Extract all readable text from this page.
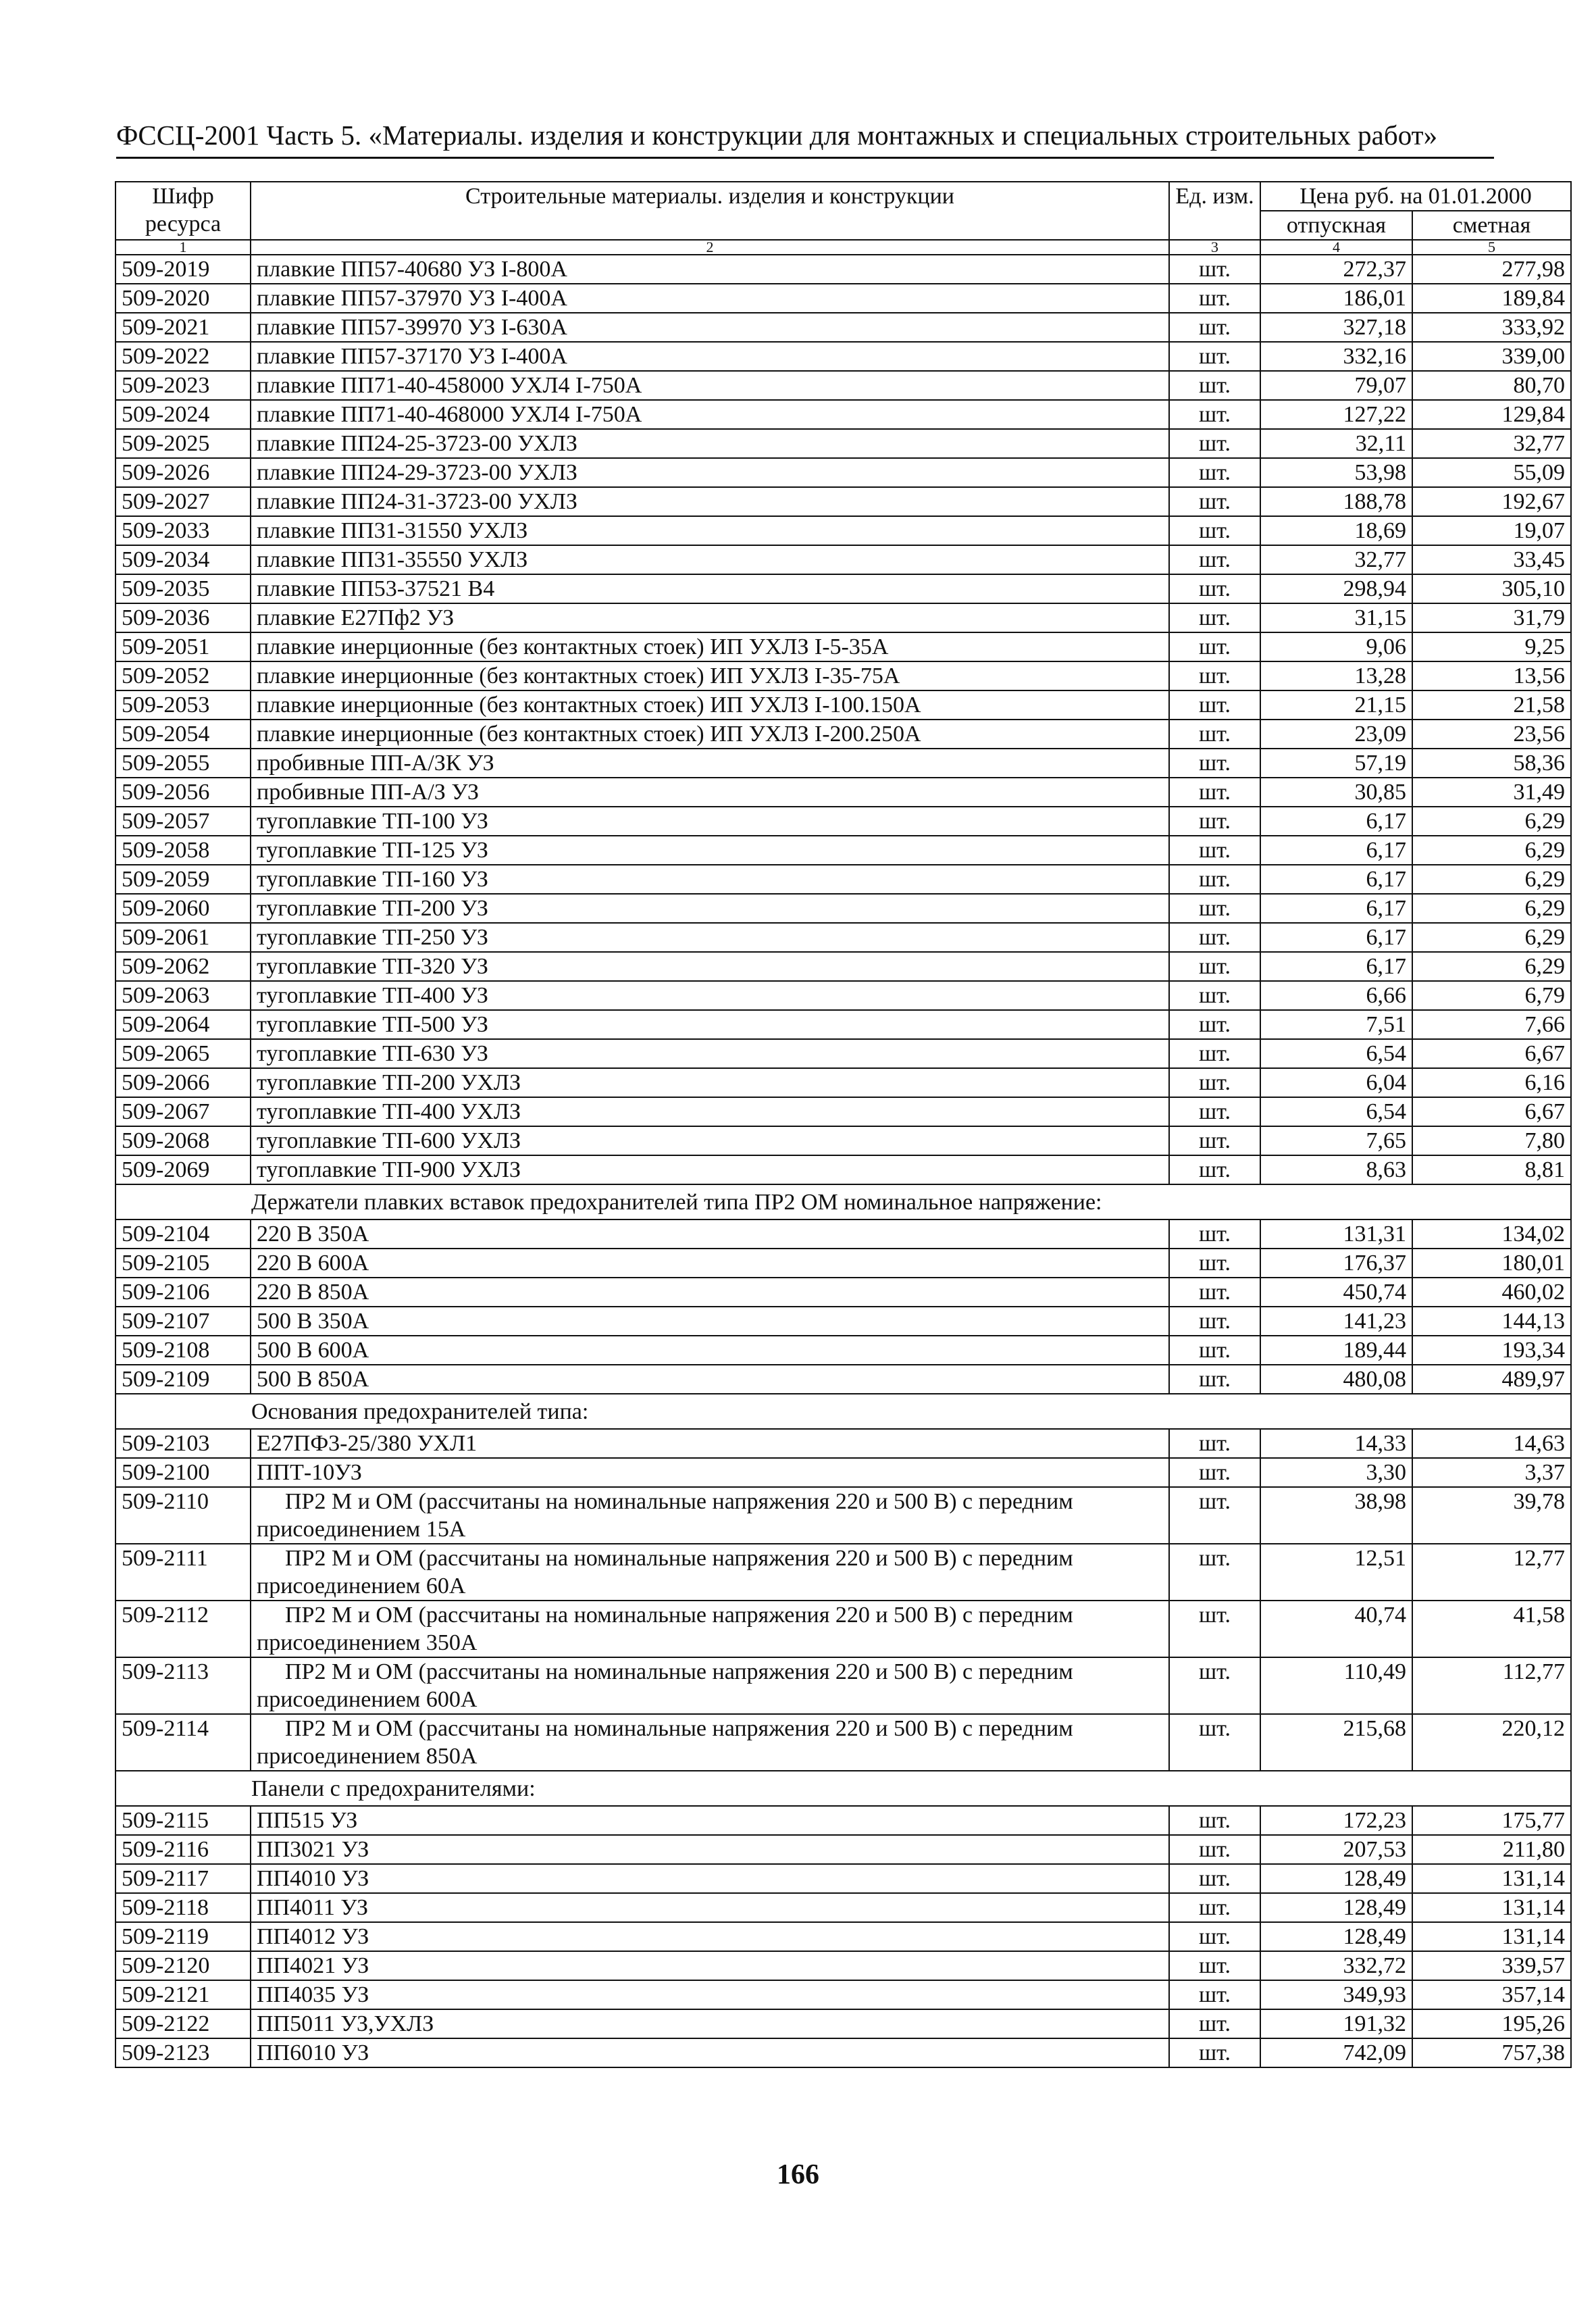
ФССЦ-2001 Часть 5. «Материалы. изделия и конструкции для монтажных и специальных строительных работ»
Шифр ресурса	Строительные материалы. изделия и конструкции	Ед. изм.	Цена руб. на 01.01.2000	
			отпускная	сметная
1	2	3	4	5
509-2019	плавкие ПП57-40680 УЗ I-800А	шт.	272,37	277,98
509-2020	плавкие ПП57-37970 УЗ I-400А	шт.	186,01	189,84
509-2021	плавкие ПП57-39970 УЗ I-630А	шт.	327,18	333,92
509-2022	плавкие ПП57-37170 УЗ I-400А	шт.	332,16	339,00
509-2023	плавкие ПП71-40-458000 УХЛ4 I-750А	шт.	79,07	80,70
509-2024	плавкие ПП71-40-468000 УХЛ4 I-750А	шт.	127,22	129,84
509-2025	плавкие ПП24-25-3723-00 УХЛЗ	шт.	32,11	32,77
509-2026	плавкие ПП24-29-3723-00 УХЛЗ	шт.	53,98	55,09
509-2027	плавкие ПП24-31-3723-00 УХЛЗ	шт.	188,78	192,67
509-2033	плавкие ПП31-31550 УХЛЗ	шт.	18,69	19,07
509-2034	плавкие ПП31-35550 УХЛЗ	шт.	32,77	33,45
509-2035	плавкие ПП53-37521 В4	шт.	298,94	305,10
509-2036	плавкие Е27Пф2 УЗ	шт.	31,15	31,79
509-2051	плавкие инерционные (без контактных стоек) ИП УХЛЗ I-5-35А	шт.	9,06	9,25
509-2052	плавкие инерционные (без контактных стоек) ИП УХЛЗ I-35-75А	шт.	13,28	13,56
509-2053	плавкие инерционные (без контактных стоек) ИП УХЛЗ I-100.150А	шт.	21,15	21,58
509-2054	плавкие инерционные (без контактных стоек) ИП УХЛЗ I-200.250А	шт.	23,09	23,56
509-2055	пробивные ПП-А/ЗК УЗ	шт.	57,19	58,36
509-2056	пробивные ПП-А/З УЗ	шт.	30,85	31,49
509-2057	тугоплавкие ТП-100 УЗ	шт.	6,17	6,29
509-2058	тугоплавкие ТП-125 УЗ	шт.	6,17	6,29
509-2059	тугоплавкие ТП-160 УЗ	шт.	6,17	6,29
509-2060	тугоплавкие ТП-200 УЗ	шт.	6,17	6,29
509-2061	тугоплавкие ТП-250 УЗ	шт.	6,17	6,29
509-2062	тугоплавкие ТП-320 УЗ	шт.	6,17	6,29
509-2063	тугоплавкие ТП-400 УЗ	шт.	6,66	6,79
509-2064	тугоплавкие ТП-500 УЗ	шт.	7,51	7,66
509-2065	тугоплавкие ТП-630 УЗ	шт.	6,54	6,67
509-2066	тугоплавкие ТП-200 УХЛЗ	шт.	6,04	6,16
509-2067	тугоплавкие ТП-400 УХЛЗ	шт.	6,54	6,67
509-2068	тугоплавкие ТП-600 УХЛЗ	шт.	7,65	7,80
509-2069	тугоплавкие ТП-900 УХЛЗ	шт.	8,63	8,81
Держатели плавких вставок предохранителей типа ПР2 ОМ номинальное напряжение:				
509-2104	220 В 350А	шт.	131,31	134,02
509-2105	220 В 600А	шт.	176,37	180,01
509-2106	220 В 850А	шт.	450,74	460,02
509-2107	500 В 350А	шт.	141,23	144,13
509-2108	500 В 600А	шт.	189,44	193,34
509-2109	500 В 850А	шт.	480,08	489,97
Основания предохранителей типа:				
509-2103	Е27ПФ3-25/380 УХЛ1	шт.	14,33	14,63
509-2100	ППТ-10УЗ	шт.	3,30	3,37
509-2110	ПР2 М и ОМ (рассчитаны на номинальные напряжения 220 и 500 В) с передним присоединением 15А	шт.	38,98	39,78
509-2111	ПР2 М и ОМ (рассчитаны на номинальные напряжения 220 и 500 В) с передним присоединением 60А	шт.	12,51	12,77
509-2112	ПР2 М и ОМ (рассчитаны на номинальные напряжения 220 и 500 В) с передним присоединением 350А	шт.	40,74	41,58
509-2113	ПР2 М и ОМ (рассчитаны на номинальные напряжения 220 и 500 В) с передним присоединением 600А	шт.	110,49	112,77
509-2114	ПР2 М и ОМ (рассчитаны на номинальные напряжения 220 и 500 В) с передним присоединением 850А	шт.	215,68	220,12
Панели с предохранителями:				
509-2115	ПП515 УЗ	шт.	172,23	175,77
509-2116	ПП3021 УЗ	шт.	207,53	211,80
509-2117	ПП4010 УЗ	шт.	128,49	131,14
509-2118	ПП4011 УЗ	шт.	128,49	131,14
509-2119	ПП4012 УЗ	шт.	128,49	131,14
509-2120	ПП4021 УЗ	шт.	332,72	339,57
509-2121	ПП4035 УЗ	шт.	349,93	357,14
509-2122	ПП5011 УЗ,УХЛЗ	шт.	191,32	195,26
509-2123	ПП6010 УЗ	шт.	742,09	757,38
166
